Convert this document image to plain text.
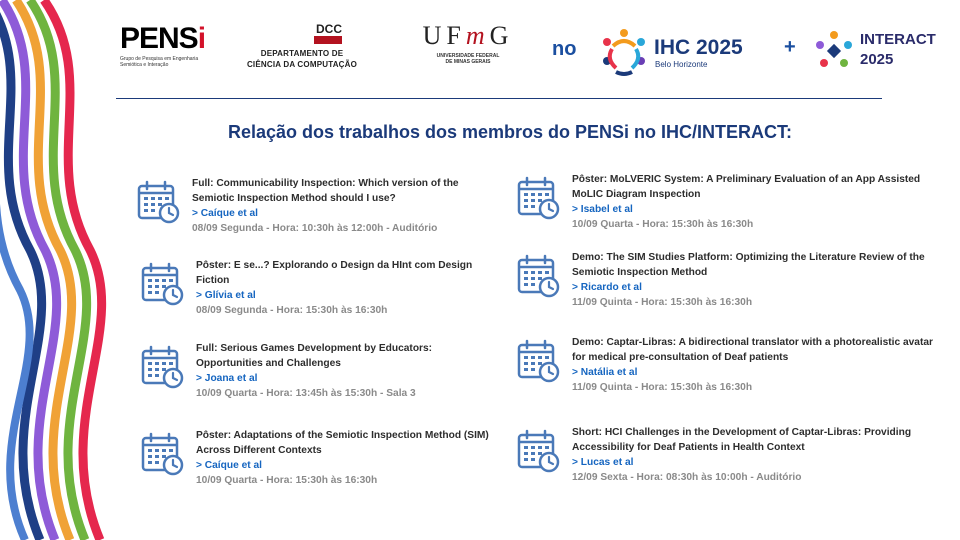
PENSi
Grupo de Pesquisa em Engenharia Semiótica e Interação
DCC
DEPARTAMENTO DE
CIÊNCIA DA COMPUTAÇÃO
UFmG
UNIVERSIDADE FEDERAL
DE MINAS GERAIS
no	IHC 2025
Belo Horizonte
+	INTERACT
2025
Relação dos trabalhos dos membros do PENSi no IHC/INTERACT:
Full: Communicability Inspection: Which version of the Semiotic Inspection Method should I use?
> Caíque et al
08/09 Segunda - Hora: 10:30h às 12:00h - Auditório
Pôster: E se...? Explorando o Design da HInt com Design Fiction
> Glívia et al
08/09 Segunda - Hora: 15:30h às 16:30h
Full: Serious Games Development by Educators: Opportunities and Challenges
> Joana et al
10/09 Quarta - Hora: 13:45h às 15:30h - Sala 3
Pôster: Adaptations of the Semiotic Inspection Method (SIM) Across Different Contexts
> Caíque et al
10/09 Quarta - Hora: 15:30h às 16:30h
Pôster: MoLVERIC System: A Preliminary Evaluation of an App Assisted MoLIC Diagram Inspection
> Isabel et al
10/09 Quarta - Hora: 15:30h às 16:30h
Demo: The SIM Studies Platform: Optimizing the Literature Review of the Semiotic Inspection Method
> Ricardo et al
11/09 Quinta - Hora: 15:30h às 16:30h
Demo: Captar-Libras: A bidirectional translator with a photorealistic avatar for medical pre-consultation of Deaf patients
> Natália et al
11/09 Quinta - Hora: 15:30h às 16:30h
Short: HCI Challenges in the Development of Captar-Libras: Providing Accessibility for Deaf Patients in Health Context
> Lucas et al
12/09 Sexta - Hora: 08:30h às 10:00h - Auditório
